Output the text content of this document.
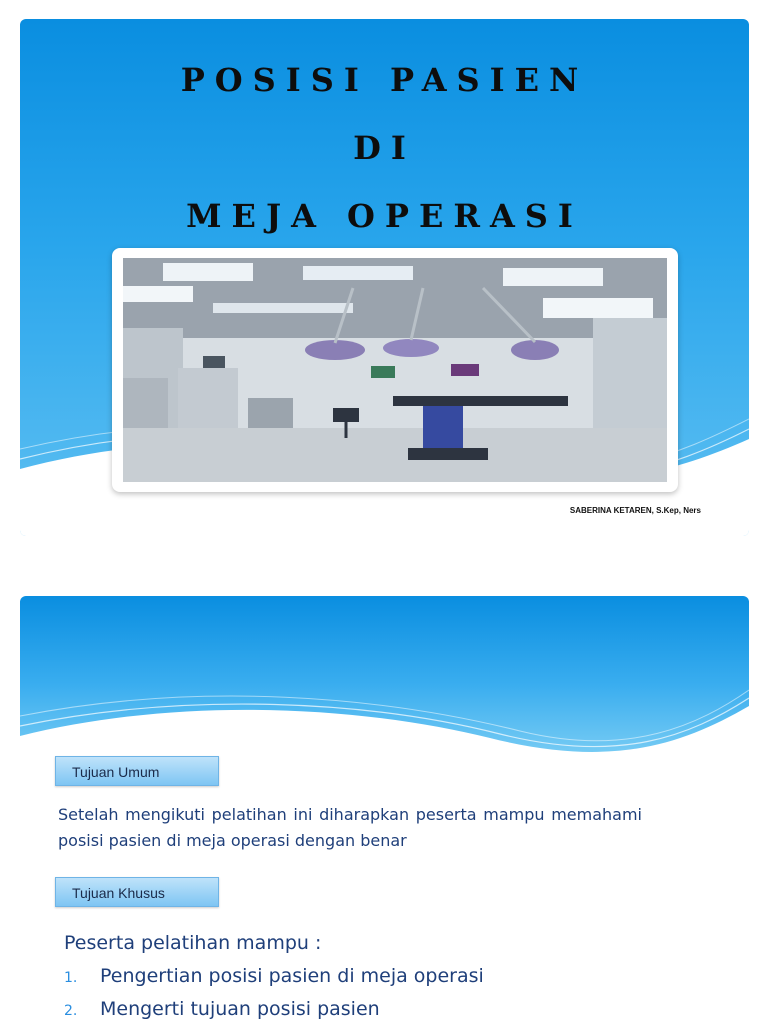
POSISI PASIEN

DI

MEJA OPERASI

SABERINA KETAREN, S.Kep, Ners

Tujuan Umum

Setelah mengikuti pelatihan ini diharapkan peserta mampu memahami posisi pasien di meja operasi dengan benar

Tujuan Khusus

Peserta pelatihan mampu :

1. Pengertian posisi pasien di meja operasi
2. Mengerti tujuan posisi pasien
